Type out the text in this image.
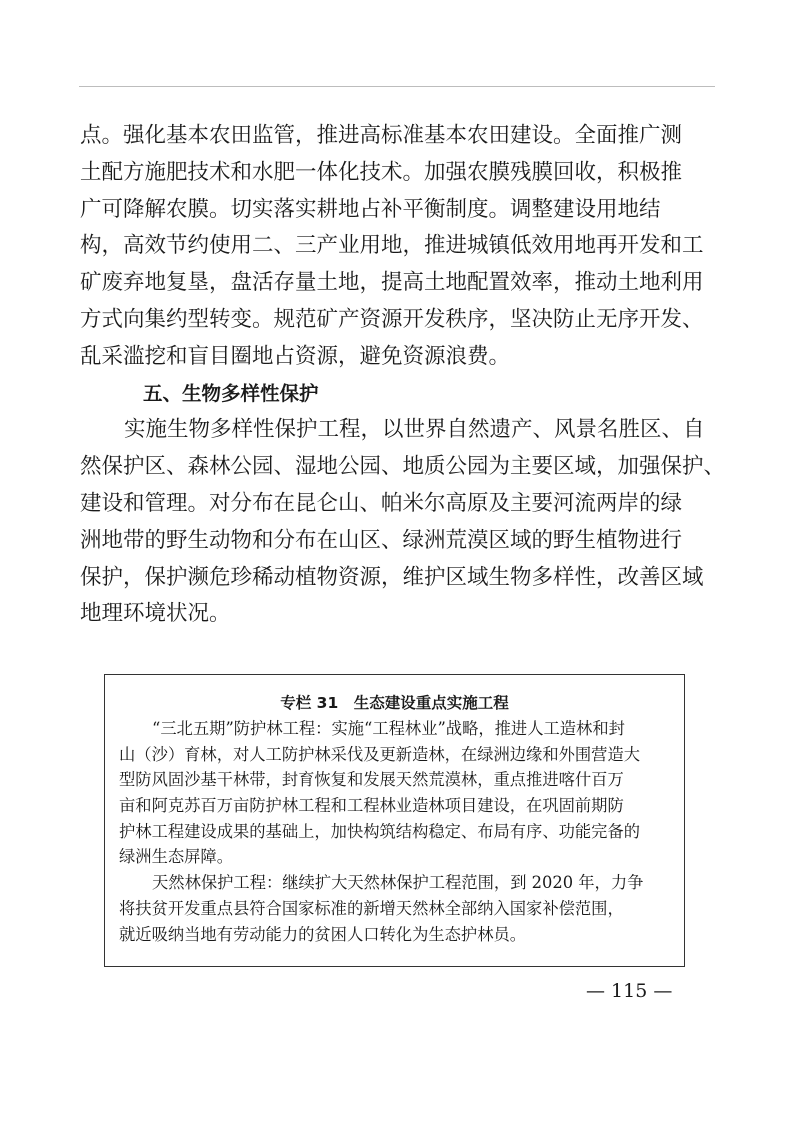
点。强化基本农田监管，推进高标准基本农田建设。全面推广测
土配方施肥技术和水肥一体化技术。加强农膜残膜回收，积极推
广可降解农膜。切实落实耕地占补平衡制度。调整建设用地结
构，高效节约使用二、三产业用地，推进城镇低效用地再开发和工
矿废弃地复垦，盘活存量土地，提高土地配置效率，推动土地利用
方式向集约型转变。规范矿产资源开发秩序，坚决防止无序开发、
乱采滥挖和盲目圈地占资源，避免资源浪费。
五、生物多样性保护
实施生物多样性保护工程，以世界自然遗产、风景名胜区、自
然保护区、森林公园、湿地公园、地质公园为主要区域，加强保护、
建设和管理。对分布在昆仑山、帕米尔高原及主要河流两岸的绿
洲地带的野生动物和分布在山区、绿洲荒漠区域的野生植物进行
保护，保护濒危珍稀动植物资源，维护区域生物多样性，改善区域
地理环境状况。
专栏 31　生态建设重点实施工程
“三北五期”防护林工程：实施“工程林业”战略，推进人工造林和封
山（沙）育林，对人工防护林采伐及更新造林，在绿洲边缘和外围营造大
型防风固沙基干林带，封育恢复和发展天然荒漠林，重点推进喀什百万
亩和阿克苏百万亩防护林工程和工程林业造林项目建设，在巩固前期防
护林工程建设成果的基础上，加快构筑结构稳定、布局有序、功能完备的
绿洲生态屏障。
天然林保护工程：继续扩大天然林保护工程范围，到 2020 年，力争
将扶贫开发重点县符合国家标准的新增天然林全部纳入国家补偿范围，
就近吸纳当地有劳动能力的贫困人口转化为生态护林员。
— 115 —
